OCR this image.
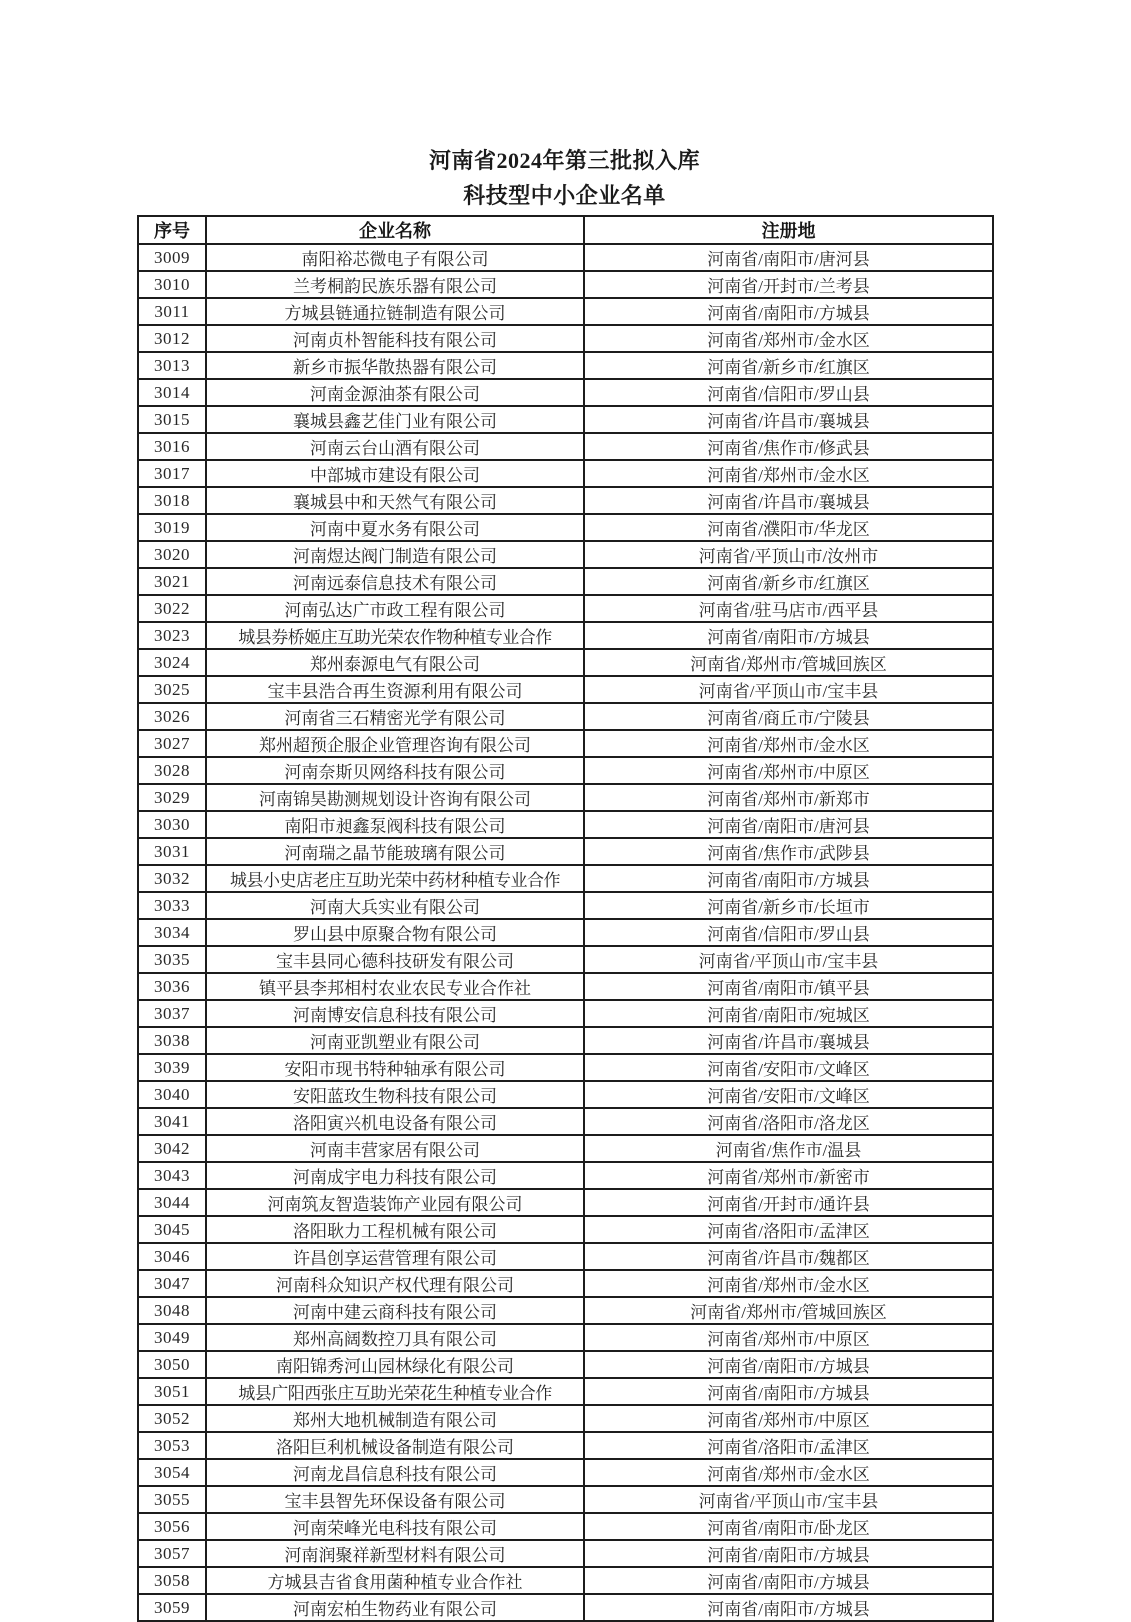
河南省2024年第三批拟入库
科技型中小企业名单
序号	企业名称	注册地
3009	南阳裕芯微电子有限公司	河南省/南阳市/唐河县
3010	兰考桐韵民族乐器有限公司	河南省/开封市/兰考县
3011	方城县链通拉链制造有限公司	河南省/南阳市/方城县
3012	河南贞朴智能科技有限公司	河南省/郑州市/金水区
3013	新乡市振华散热器有限公司	河南省/新乡市/红旗区
3014	河南金源油茶有限公司	河南省/信阳市/罗山县
3015	襄城县鑫艺佳门业有限公司	河南省/许昌市/襄城县
3016	河南云台山酒有限公司	河南省/焦作市/修武县
3017	中部城市建设有限公司	河南省/郑州市/金水区
3018	襄城县中和天然气有限公司	河南省/许昌市/襄城县
3019	河南中夏水务有限公司	河南省/濮阳市/华龙区
3020	河南煜达阀门制造有限公司	河南省/平顶山市/汝州市
3021	河南远泰信息技术有限公司	河南省/新乡市/红旗区
3022	河南弘达广市政工程有限公司	河南省/驻马店市/西平县
3023	城县券桥姬庄互助光荣农作物种植专业合作	河南省/南阳市/方城县
3024	郑州泰源电气有限公司	河南省/郑州市/管城回族区
3025	宝丰县浩合再生资源利用有限公司	河南省/平顶山市/宝丰县
3026	河南省三石精密光学有限公司	河南省/商丘市/宁陵县
3027	郑州超预企服企业管理咨询有限公司	河南省/郑州市/金水区
3028	河南奈斯贝网络科技有限公司	河南省/郑州市/中原区
3029	河南锦昊勘测规划设计咨询有限公司	河南省/郑州市/新郑市
3030	南阳市昶鑫泵阀科技有限公司	河南省/南阳市/唐河县
3031	河南瑞之晶节能玻璃有限公司	河南省/焦作市/武陟县
3032	城县小史店老庄互助光荣中药材种植专业合作	河南省/南阳市/方城县
3033	河南大兵实业有限公司	河南省/新乡市/长垣市
3034	罗山县中原聚合物有限公司	河南省/信阳市/罗山县
3035	宝丰县同心德科技研发有限公司	河南省/平顶山市/宝丰县
3036	镇平县李邦相村农业农民专业合作社	河南省/南阳市/镇平县
3037	河南博安信息科技有限公司	河南省/南阳市/宛城区
3038	河南亚凯塑业有限公司	河南省/许昌市/襄城县
3039	安阳市现书特种轴承有限公司	河南省/安阳市/文峰区
3040	安阳蓝玫生物科技有限公司	河南省/安阳市/文峰区
3041	洛阳寅兴机电设备有限公司	河南省/洛阳市/洛龙区
3042	河南丰营家居有限公司	河南省/焦作市/温县
3043	河南成宇电力科技有限公司	河南省/郑州市/新密市
3044	河南筑友智造装饰产业园有限公司	河南省/开封市/通许县
3045	洛阳耿力工程机械有限公司	河南省/洛阳市/孟津区
3046	许昌创享运营管理有限公司	河南省/许昌市/魏都区
3047	河南科众知识产权代理有限公司	河南省/郑州市/金水区
3048	河南中建云商科技有限公司	河南省/郑州市/管城回族区
3049	郑州高阔数控刀具有限公司	河南省/郑州市/中原区
3050	南阳锦秀河山园林绿化有限公司	河南省/南阳市/方城县
3051	城县广阳西张庄互助光荣花生种植专业合作	河南省/南阳市/方城县
3052	郑州大地机械制造有限公司	河南省/郑州市/中原区
3053	洛阳巨利机械设备制造有限公司	河南省/洛阳市/孟津区
3054	河南龙昌信息科技有限公司	河南省/郑州市/金水区
3055	宝丰县智先环保设备有限公司	河南省/平顶山市/宝丰县
3056	河南荣峰光电科技有限公司	河南省/南阳市/卧龙区
3057	河南润聚祥新型材料有限公司	河南省/南阳市/方城县
3058	方城县吉省食用菌种植专业合作社	河南省/南阳市/方城县
3059	河南宏柏生物药业有限公司	河南省/南阳市/方城县
